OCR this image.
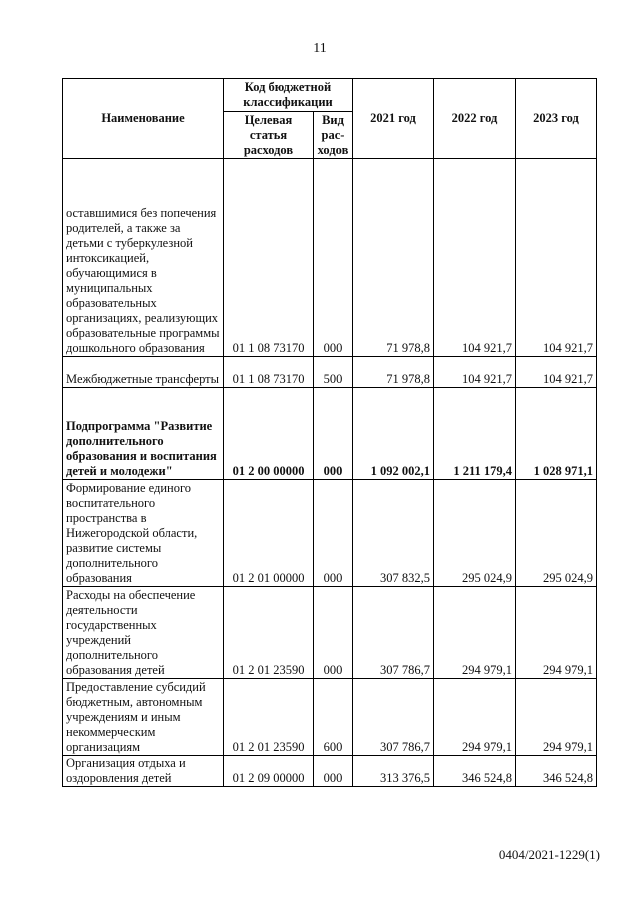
11
Наименование	Код бюджетной классификации		2021 год	2022 год	2023 год
	Целевая статья расходов	Вид рас-ходов			
оставшимися без попечения родителей, а также за детьми с туберкулезной интоксикацией, обучающимися в муниципальных образовательных организациях, реализующих образовательные программы дошкольного образования	01 1 08 73170	000	71 978,8	104 921,7	104 921,7
Межбюджетные трансферты	01 1 08 73170	500	71 978,8	104 921,7	104 921,7
Подпрограмма "Развитие дополнительного образования и воспитания детей и молодежи"	01 2 00 00000	000	1 092 002,1	1 211 179,4	1 028 971,1
Формирование единого воспитательного пространства в Нижегородской области, развитие системы дополнительного образования	01 2 01 00000	000	307 832,5	295 024,9	295 024,9
Расходы на обеспечение деятельности государственных учреждений дополнительного образования детей	01 2 01 23590	000	307 786,7	294 979,1	294 979,1
Предоставление субсидий бюджетным, автономным учреждениям и иным некоммерческим организациям	01 2 01 23590	600	307 786,7	294 979,1	294 979,1
Организация отдыха и оздоровления детей	01 2 09 00000	000	313 376,5	346 524,8	346 524,8
0404/2021-1229(1)
